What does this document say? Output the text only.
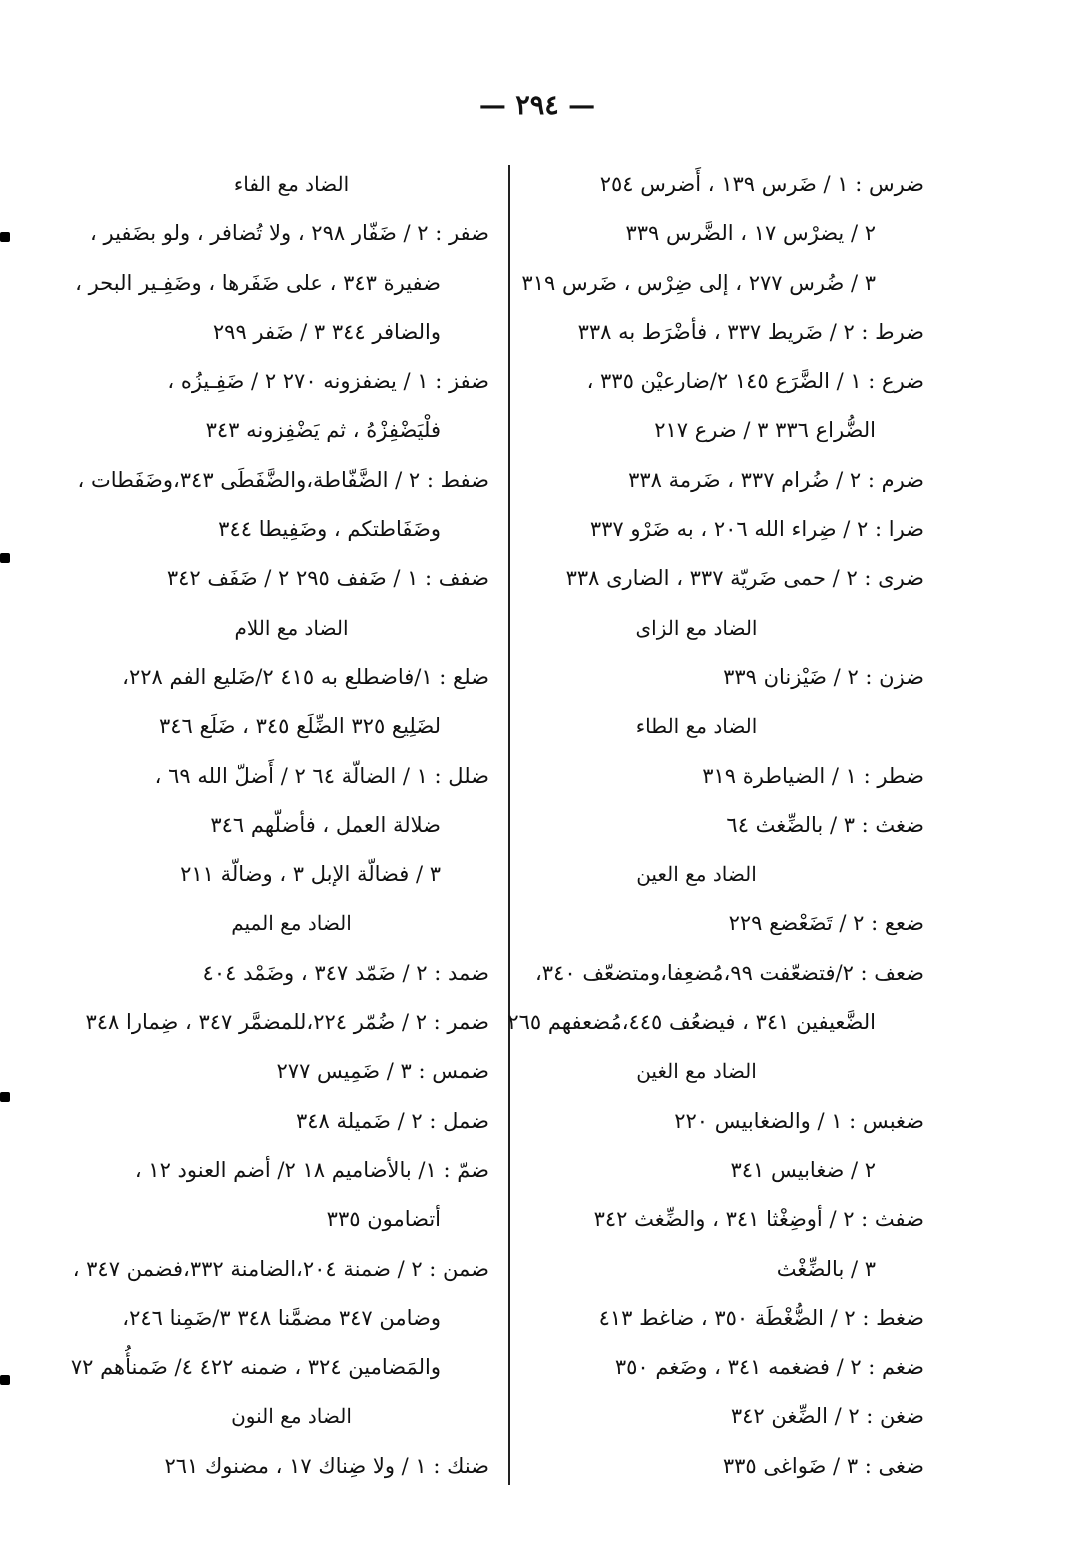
— ٢٩٤ —
ضرس : ١ / ضَرس ١٣٩ ، أَضرس ٢٥٤
٢ / يضرْس ١٧ ، الضَّرس ٣٣٩
٣ / ضُرس ٢٧٧ ، إلى ضِرْس ، ضَرس ٣١٩
ضرط : ٢ / ضَريط ٣٣٧ ، فأضْرَط به ٣٣٨
ضرع : ١ / الضَّرَع ١٤٥ ٢/ضارعيْن ٣٣٥ ،
الضُّراع ٣٣٦ ٣ / ضرع ٢١٧
ضرم : ٢ / ضُرام ٣٣٧ ، ضَرمة ٣٣٨
ضرا : ٢ / ضِراء الله ٢٠٦ ، به ضَرْو ٣٣٧
ضرى : ٢ / حمى ضَريّة ٣٣٧ ، الضارى ٣٣٨
الضاد مع الزاى
ضزن : ٢ / ضَيْزنان ٣٣٩
الضاد مع الطاء
ضطر : ١ / الضياطرة ٣١٩
ضغث : ٣ / بالضِّغث ٦٤
الضاد مع العين
ضعع : ٢ / تَضَعْضع ٢٢٩
ضعف : ٢/فتضعّفت ٩٩،مُضعِفا،ومتضعّف ٣٤٠،
الضَّعيفين ٣٤١ ، فيضعُف ٤٤٥،مُضعفهم ٢٦٥
الضاد مع الغين
ضغبس : ١ / والضغابيس ٢٢٠
٢ / ضغابيس ٣٤١
ضفث : ٢ / أوضِغْثا ٣٤١ ، والضِّغث ٣٤٢
٣ / بالضِّغْث
ضغط : ٢ / الضُّغْطَة ٣٥٠ ، ضاغط ٤١٣
ضغم : ٢ / فضغمه ٣٤١ ، وضَغم ٣٥٠
ضغن : ٢ / الضِّغن ٣٤٢
ضغى : ٣ / ضَواغى ٣٣٥
الضاد مع الفاء
ضفر : ٢ / ضَفّار ٢٩٨ ، ولا تُضافر ، ولو بضَفير ،
ضفيرة ٣٤٣ ، على ضَفَرها ، وضَفِـير البحر ،
والضافر ٣٤٤ ٣ / ضَفر ٢٩٩
ضفز : ١ / يضفزونه ٢٧٠ ٢ / ضَفِـيزُه ،
فلْيَضْفِزْهُ ، ثم يَضْفِزونه ٣٤٣
ضفط : ٢ / الضَّفّاطة،والضَّفَطَى ٣٤٣،وضَفَطات ،
وضَفَاطتكم ، وضَفِيطا ٣٤٤
ضفف : ١ / ضَفف ٢٩٥ ٢ / ضَفَف ٣٤٢
الضاد مع اللام
ضلع : ١/فاضطلع به ٤١٥ ٢/ضَليع الفم ٢٢٨،
لضَلِيع ٣٢٥ الضِّلَع ٣٤٥ ، ضَلَع ٣٤٦
ضلل : ١ / الضالّة ٦٤ ٢ / أَضلّ الله ٦٩ ،
ضلالة العمل ، فأضلّهم ٣٤٦
٣ / فضالّة الإبل ٣ ، وضالّة ٢١١
الضاد مع الميم
ضمد : ٢ / ضَمّد ٣٤٧ ، وضَمْد ٤٠٤
ضمر : ٢ / ضُمّر ٢٢٤،للمضمَّر ٣٤٧ ، ضِمارا ٣٤٨
ضمس : ٣ / ضَمِيس ٢٧٧
ضمل : ٢ / ضَميلة ٣٤٨
ضمّ : ١/ بالأضاميم ١٨ ٢/ أضم العنود ١٢ ،
أتضامون ٣٣٥
ضمن : ٢ / ضمنة ٢٠٤،الضامنة ٣٣٢،فضمن ٣٤٧ ،
وضامن ٣٤٧ مضمَّنا ٣٤٨ ٣/ضَمِنا ٢٤٦،
والمَضامين ٣٢٤ ، ضمنه ٤٢٢ ٤/ ضَمنأُهم ٧٢
الضاد مع النون
ضنك : ١ / ولا ضِناك ١٧ ، مضنوك ٢٦١
